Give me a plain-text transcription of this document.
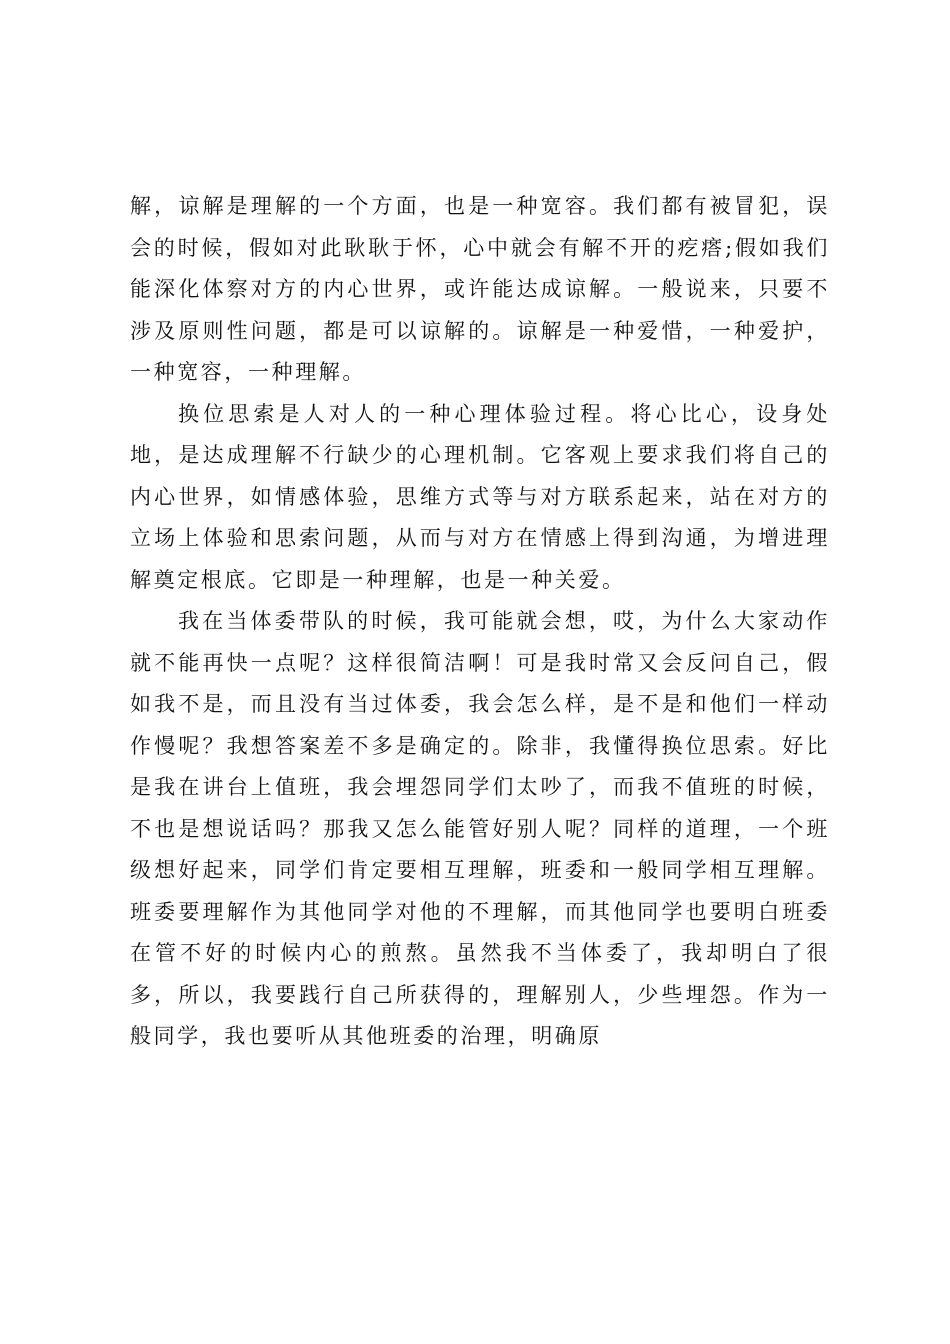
解，谅解是理解的一个方面，也是一种宽容。我们都有被冒犯，误会的时候，假如对此耿耿于怀，心中就会有解不开的疙瘩;假如我们能深化体察对方的内心世界，或许能达成谅解。一般说来，只要不涉及原则性问题，都是可以谅解的。谅解是一种爱惜，一种爱护，一种宽容，一种理解。

换位思索是人对人的一种心理体验过程。将心比心，设身处地，是达成理解不行缺少的心理机制。它客观上要求我们将自己的内心世界，如情感体验，思维方式等与对方联系起来，站在对方的立场上体验和思索问题，从而与对方在情感上得到沟通，为增进理解奠定根底。它即是一种理解，也是一种关爱。

我在当体委带队的时候，我可能就会想，哎，为什么大家动作就不能再快一点呢？这样很简洁啊！可是我时常又会反问自己，假如我不是，而且没有当过体委，我会怎么样，是不是和他们一样动作慢呢？我想答案差不多是确定的。除非，我懂得换位思索。好比是我在讲台上值班，我会埋怨同学们太吵了，而我不值班的时候，不也是想说话吗？那我又怎么能管好别人呢？同样的道理，一个班级想好起来，同学们肯定要相互理解，班委和一般同学相互理解。班委要理解作为其他同学对他的不理解，而其他同学也要明白班委在管不好的时候内心的煎熬。虽然我不当体委了，我却明白了很多，所以，我要践行自己所获得的，理解别人，少些埋怨。作为一般同学，我也要听从其他班委的治理，明确原
